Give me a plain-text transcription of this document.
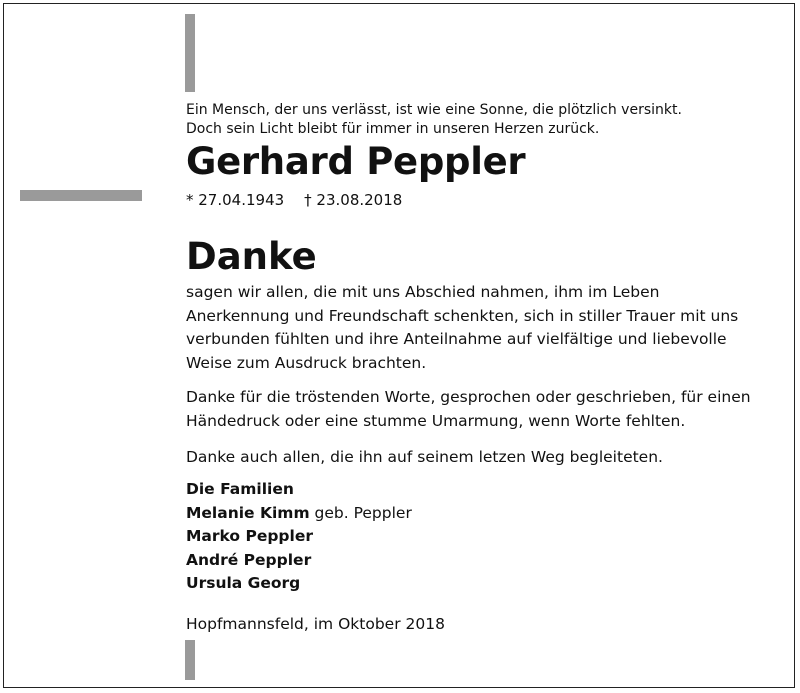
Ein Mensch, der uns verlässt, ist wie eine Sonne, die plötzlich versinkt.
Doch sein Licht bleibt für immer in unseren Herzen zurück.
Gerhard Peppler
* 27.04.1943 † 23.08.2018
Danke
sagen wir allen, die mit uns Abschied nahmen, ihm im Leben
Anerkennung und Freundschaft schenkten, sich in stiller Trauer mit uns
verbunden fühlten und ihre Anteilnahme auf vielfältige und liebevolle
Weise zum Ausdruck brachten.
Danke für die tröstenden Worte, gesprochen oder geschrieben, für einen
Händedruck oder eine stumme Umarmung, wenn Worte fehlten.
Danke auch allen, die ihn auf seinem letzen Weg begleiteten.
Die Familien
Melanie Kimm geb. Peppler
Marko Peppler
André Peppler
Ursula Georg
Hopfmannsfeld, im Oktober 2018
